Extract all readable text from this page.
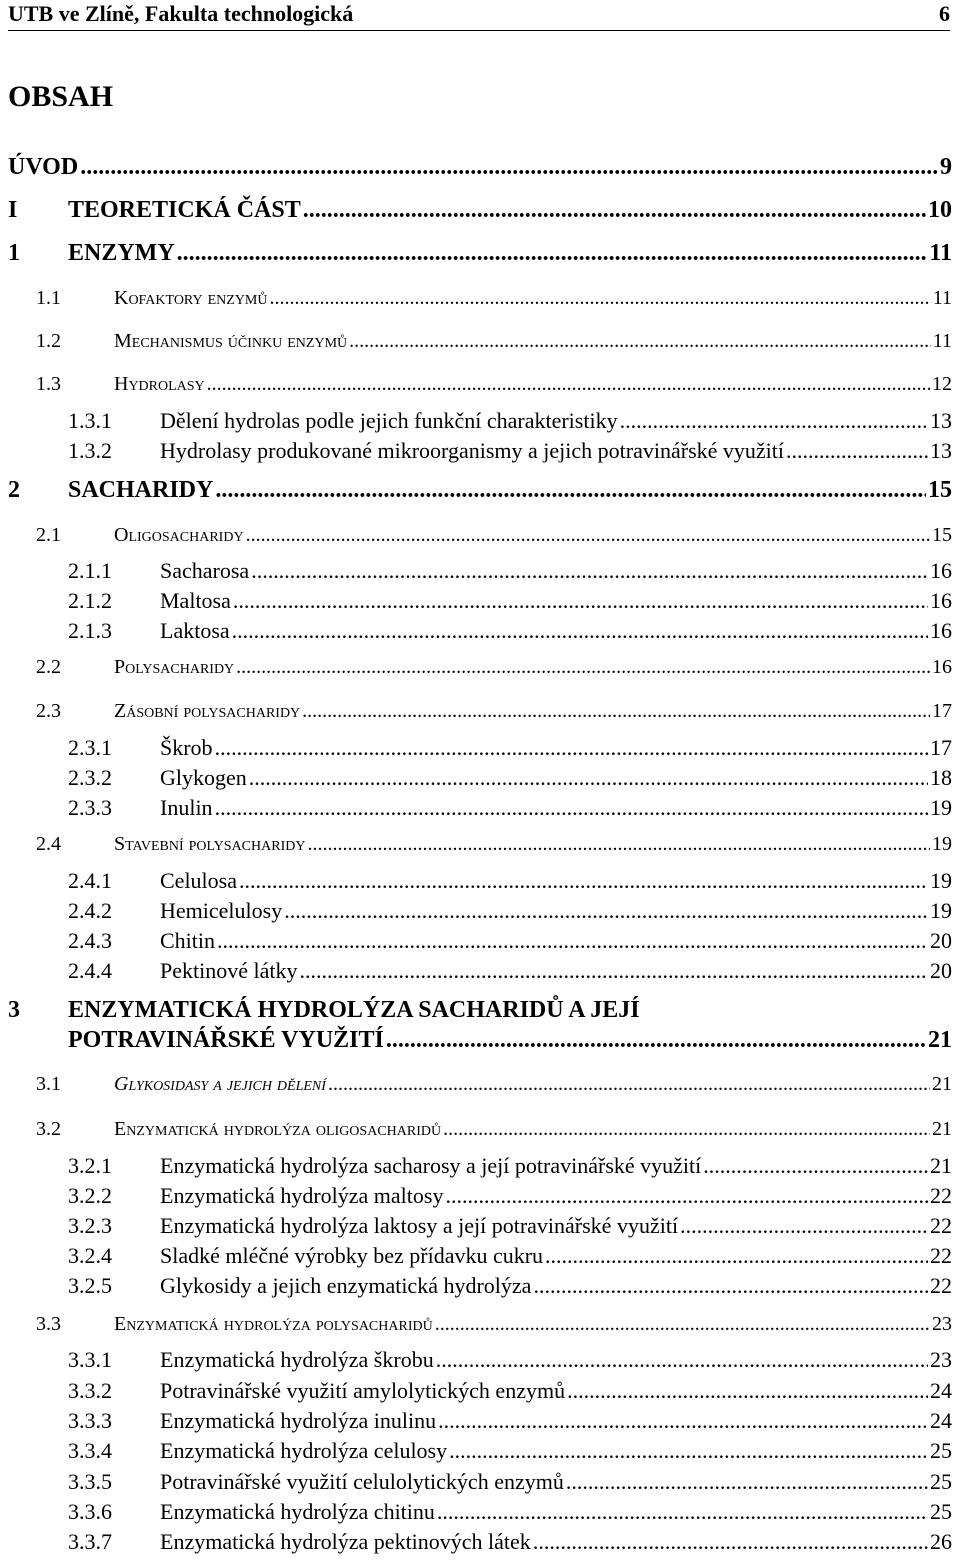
UTB ve Zlíně, Fakulta technologická	6
OBSAH
ÚVOD .....	9
I TEORETICKÁ ČÁST .....	10
1 ENZYMY .....	11
1.1	Kofaktory enzymů .....	11
1.2	Mechanismus účinku enzymů .....	11
1.3	Hydrolasy .....	12
1.3.1 Dělení hydrolas podle jejich funkční charakteristiky .....	13
1.3.2 Hydrolasy produkované mikroorganismy a jejich potravinářské využití .....	13
2 SACHARIDY .....	15
2.1	Oligosacharidy .....	15
2.1.1 Sacharosa .....	16
2.1.2 Maltosa .....	16
2.1.3 Laktosa .....	16
2.2	Polysacharidy .....	16
2.3	Zásobní polysacharidy .....	17
2.3.1 Škrob .....	17
2.3.2 Glykogen .....	18
2.3.3 Inulin .....	19
2.4	Stavební polysacharidy .....	19
2.4.1 Celulosa .....	19
2.4.2 Hemicelulosy .....	19
2.4.3 Chitin .....	20
2.4.4 Pektinové látky .....	20
3 ENZYMATICKÁ HYDROLÝZA SACHARIDŮ A JEJÍ
POTRAVINÁŘSKÉ VYUŽITÍ .....	21
3.1	Glykosidasy a jejich dělení .....	21
3.2	Enzymatická hydrolýza oligosacharidů .....	21
3.2.1 Enzymatická hydrolýza sacharosy a její potravinářské využití .....	21
3.2.2 Enzymatická hydrolýza maltosy .....	22
3.2.3 Enzymatická hydrolýza laktosy a její potravinářské využití .....	22
3.2.4 Sladké mléčné výrobky bez přídavku cukru .....	22
3.2.5 Glykosidy a jejich enzymatická hydrolýza .....	22
3.3	Enzymatická hydrolýza polysacharidů .....	23
3.3.1 Enzymatická hydrolýza škrobu .....	23
3.3.2 Potravinářské využití amylolytických enzymů .....	24
3.3.3 Enzymatická hydrolýza inulinu .....	24
3.3.4 Enzymatická hydrolýza celulosy .....	25
3.3.5 Potravinářské využití celulolytických enzymů .....	25
3.3.6 Enzymatická hydrolýza chitinu .....	25
3.3.7 Enzymatická hydrolýza pektinových látek .....	26
